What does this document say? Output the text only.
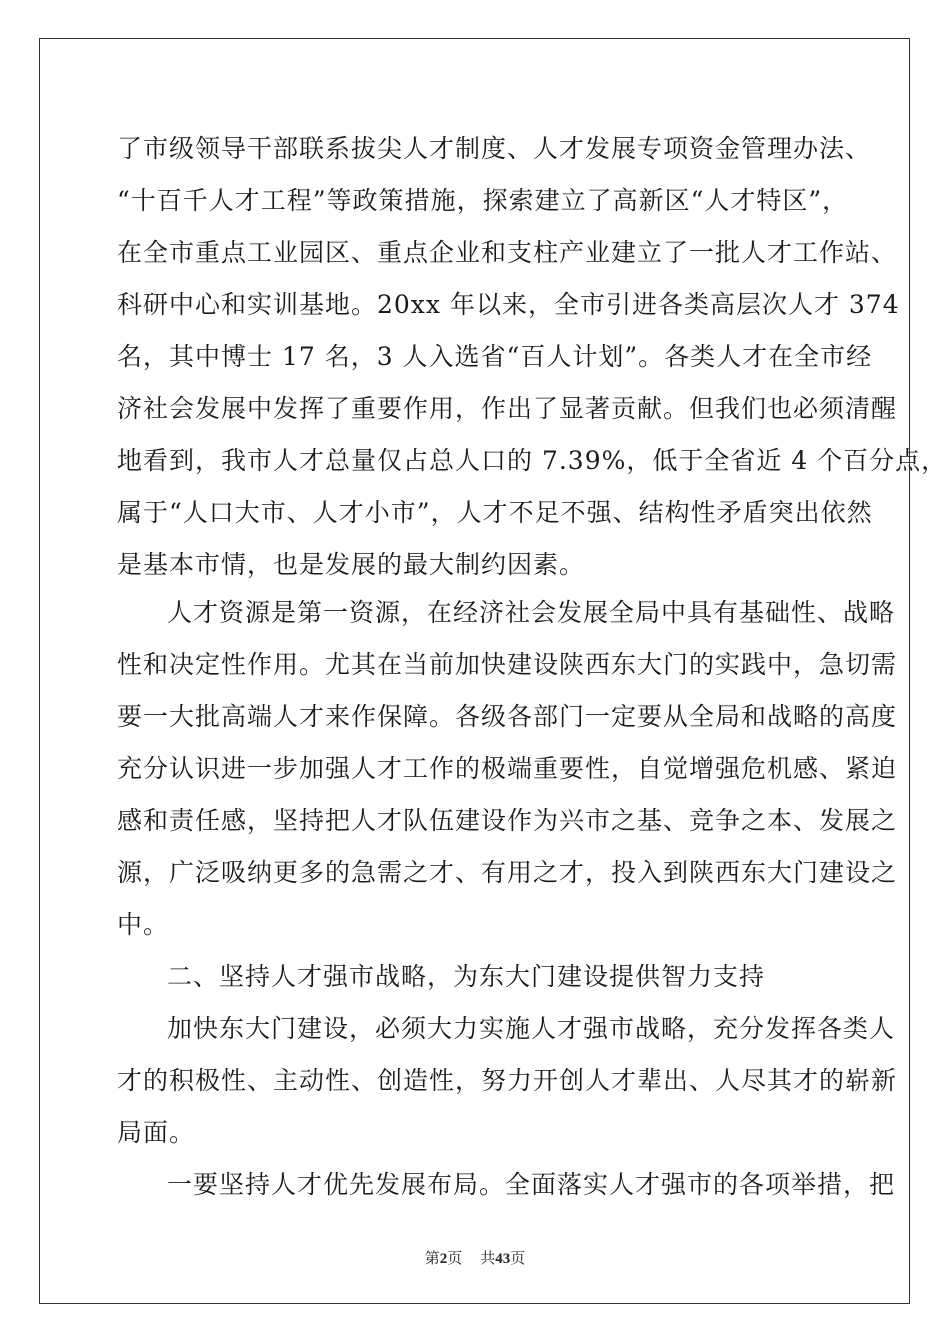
了市级领导干部联系拔尖人才制度、人才发展专项资金管理办法、

“十百千人才工程”等政策措施，探索建立了高新区“人才特区”，

在全市重点工业园区、重点企业和支柱产业建立了一批人才工作站、

科研中心和实训基地。20xx 年以来，全市引进各类高层次人才 374

名，其中博士 17 名，3 人入选省“百人计划”。各类人才在全市经

济社会发展中发挥了重要作用，作出了显著贡献。但我们也必须清醒

地看到，我市人才总量仅占总人口的 7.39%，低于全省近 4 个百分点，

属于“人口大市、人才小市”，人才不足不强、结构性矛盾突出依然

是基本市情，也是发展的最大制约因素。

　　人才资源是第一资源，在经济社会发展全局中具有基础性、战略

性和决定性作用。尤其在当前加快建设陕西东大门的实践中，急切需

要一大批高端人才来作保障。各级各部门一定要从全局和战略的高度

充分认识进一步加强人才工作的极端重要性，自觉增强危机感、紧迫

感和责任感，坚持把人才队伍建设作为兴市之基、竞争之本、发展之

源，广泛吸纳更多的急需之才、有用之才，投入到陕西东大门建设之

中。

　　二、坚持人才强市战略，为东大门建设提供智力支持

　　加快东大门建设，必须大力实施人才强市战略，充分发挥各类人

才的积极性、主动性、创造性，努力开创人才辈出、人尽其才的崭新

局面。

　　一要坚持人才优先发展布局。全面落实人才强市的各项举措，把

第2页 共43页
